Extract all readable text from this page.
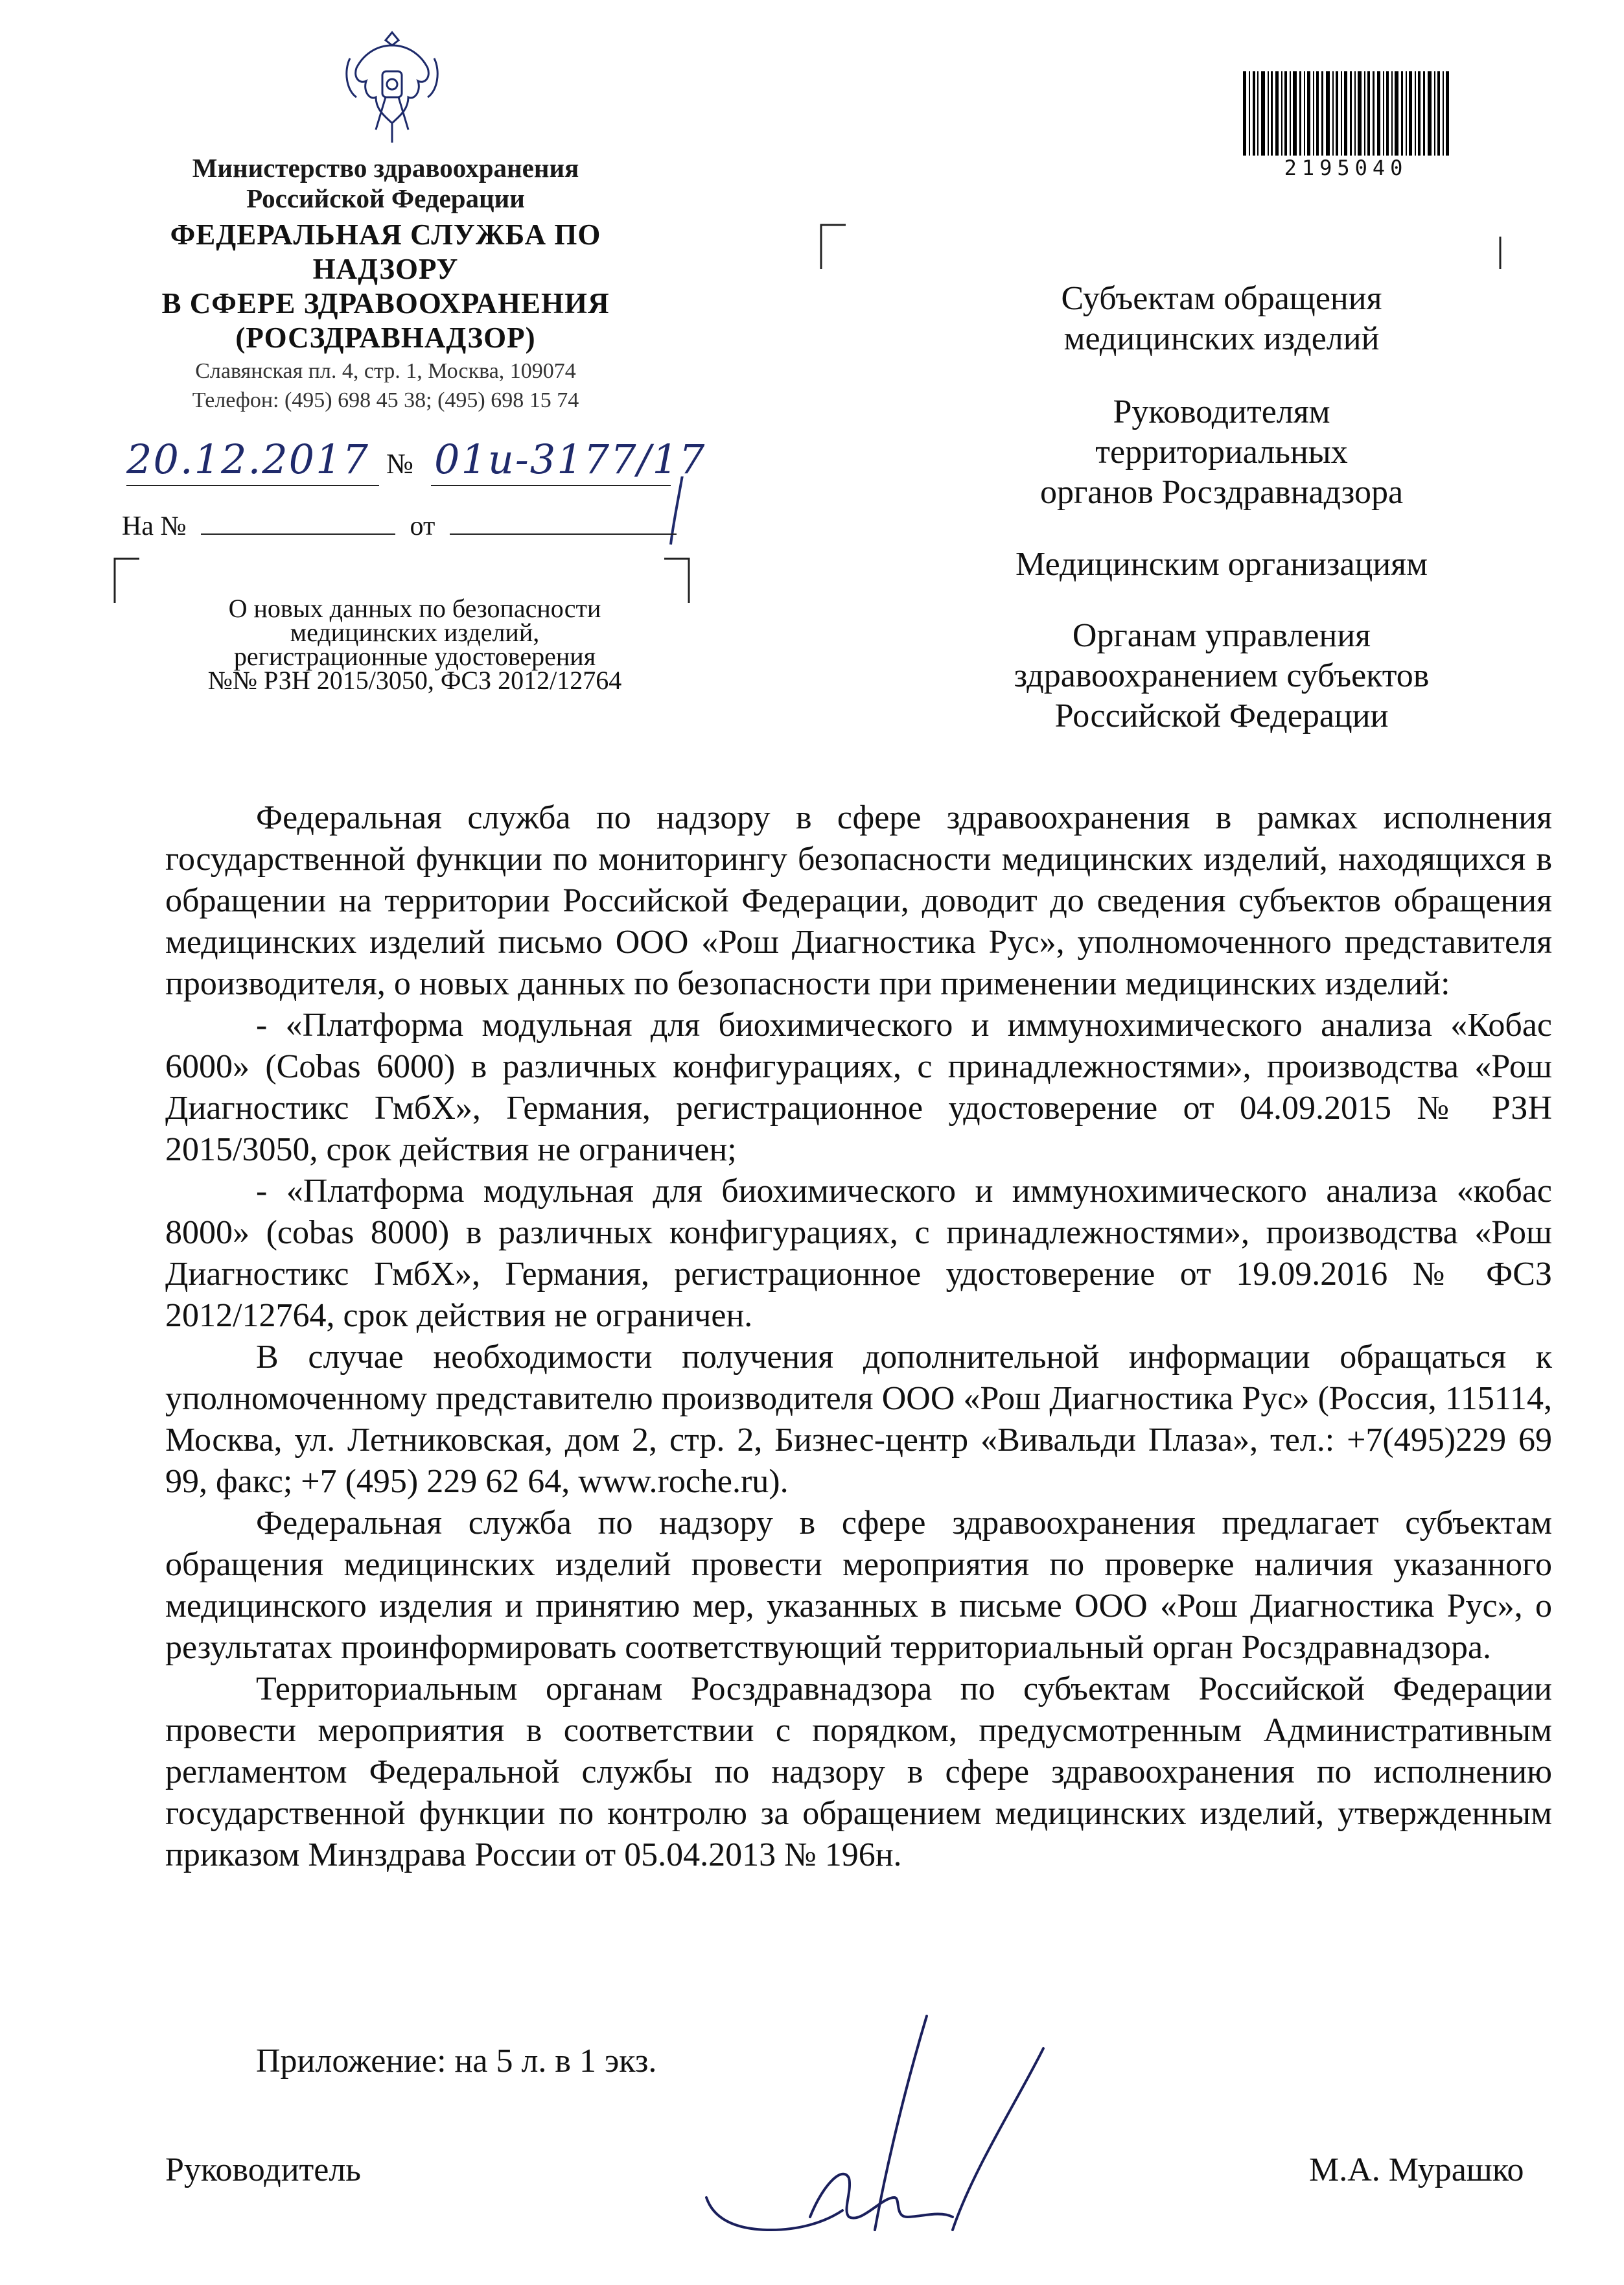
Министерство здравоохранения
Российской Федерации
ФЕДЕРАЛЬНАЯ СЛУЖБА ПО НАДЗОРУ
В СФЕРЕ ЗДРАВООХРАНЕНИЯ
(РОСЗДРАВНАДЗОР)
Славянская пл. 4, стр. 1, Москва, 109074
Телефон: (495) 698 45 38; (495) 698 15 74
20.12.2017 № 01и-3177/17
На №	от
О новых данных по безопасности
медицинских изделий,
регистрационные удостоверения
№№ РЗН 2015/3050, ФСЗ 2012/12764
2195040
Субъектам обращения
медицинских изделий
Руководителям
территориальных
органов Росздравнадзора
Медицинским организациям
Органам управления
здравоохранением субъектов
Российской Федерации

Федеральная служба по надзору в сфере здравоохранения в рамках исполнения государственной функции по мониторингу безопасности медицинских изделий, находящихся в обращении на территории Российской Федерации, доводит до сведения субъектов обращения медицинских изделий письмо ООО «Рош Диагностика Рус», уполномоченного представителя производителя, о новых данных по безопасности при применении медицинских изделий:

- «Платформа модульная для биохимического и иммунохимического анализа «Кобас 6000» (Cobas 6000) в различных конфигурациях, с принадлежностями», производства «Рош Диагностикс ГмбХ», Германия, регистрационное удостоверение от 04.09.2015 № РЗН 2015/3050, срок действия не ограничен;

- «Платформа модульная для биохимического и иммунохимического анализа «кобас 8000» (cobas 8000) в различных конфигурациях, с принадлежностями», производства «Рош Диагностикс ГмбХ», Германия, регистрационное удостоверение от 19.09.2016 № ФСЗ 2012/12764, срок действия не ограничен.

В случае необходимости получения дополнительной информации обращаться к уполномоченному представителю производителя ООО «Рош Диагностика Рус» (Россия, 115114, Москва, ул. Летниковская, дом 2, стр. 2, Бизнес-центр «Вивальди Плаза», тел.: +7(495)229 69 99, факс; +7 (495) 229 62 64, www.roche.ru).

Федеральная служба по надзору в сфере здравоохранения предлагает субъектам обращения медицинских изделий провести мероприятия по проверке наличия указанного медицинского изделия и принятию мер, указанных в письме ООО «Рош Диагностика Рус», о результатах проинформировать соответствующий территориальный орган Росздравнадзора.

Территориальным органам Росздравнадзора по субъектам Российской Федерации провести мероприятия в соответствии с порядком, предусмотренным Административным регламентом Федеральной службы по надзору в сфере здравоохранения по исполнению государственной функции по контролю за обращением медицинских изделий, утвержденным приказом Минздрава России от 05.04.2013 № 196н.

Приложение: на 5 л. в 1 экз.
Руководитель	М.А. Мурашко
